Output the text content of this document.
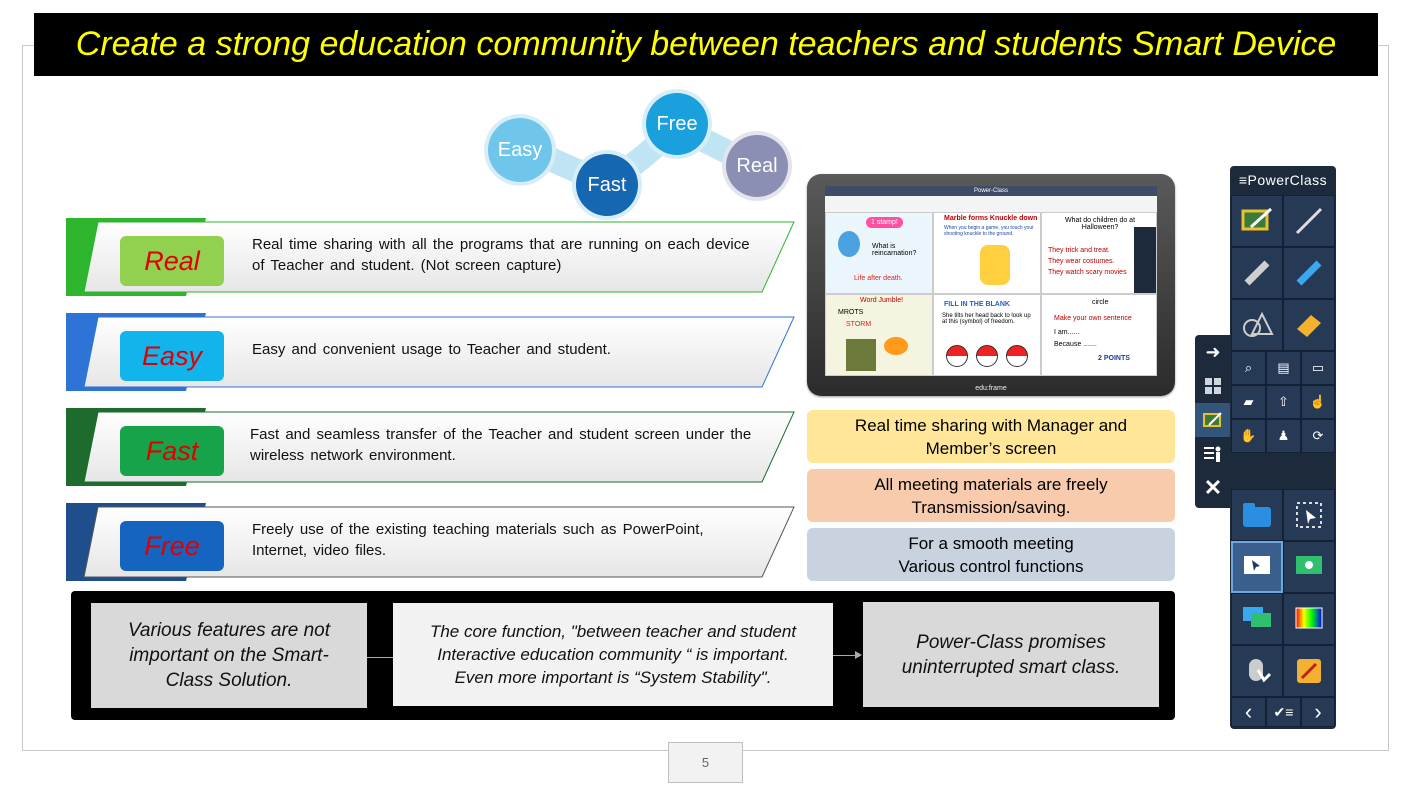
Create a strong education community between teachers and students Smart Device
Easy
Free
Fast
Real
Real
Real time sharing with all the programs that are running on each device of Teacher and student. (Not screen capture)
Easy	Easy and convenient usage to Teacher and student.
Fast
Fast and seamless transfer of the Teacher and student screen under the wireless network environment.
Free
Freely use of the existing teaching materials such as PowerPoint, Internet, video files.
Power-Class
1 stamp!
What is reincarnation?
Life after death.
Marble forms Knuckle down
When you begin a game, you touch your shooting knuckle to the ground.
What do children do at Halloween?
They trick and treat.
They wear costumes.
They watch scary movies
Word Jumble!
MROTS
STORM
FILL IN THE BLANK
She tilts her head back to look up at this (symbol) of freedom.
circle
Make your own sentence
I am......
Because .......
2 POINTS
edu:frame
Real time sharing with Manager and Member’s screen
All meeting materials are freely Transmission/saving.
For a smooth meeting Various control functions
Various features are not important on the Smart-Class Solution.
The core function, "between teacher and student
Interactive education community “ is important.
Even more important is “System Stability".
Power-Class promises uninterrupted smart class.
5
➜
✕
≡PowerClass
⌕	▤	▭
▰	⇧	☝
✋	♟	⟳
‹	✔≡ ›
